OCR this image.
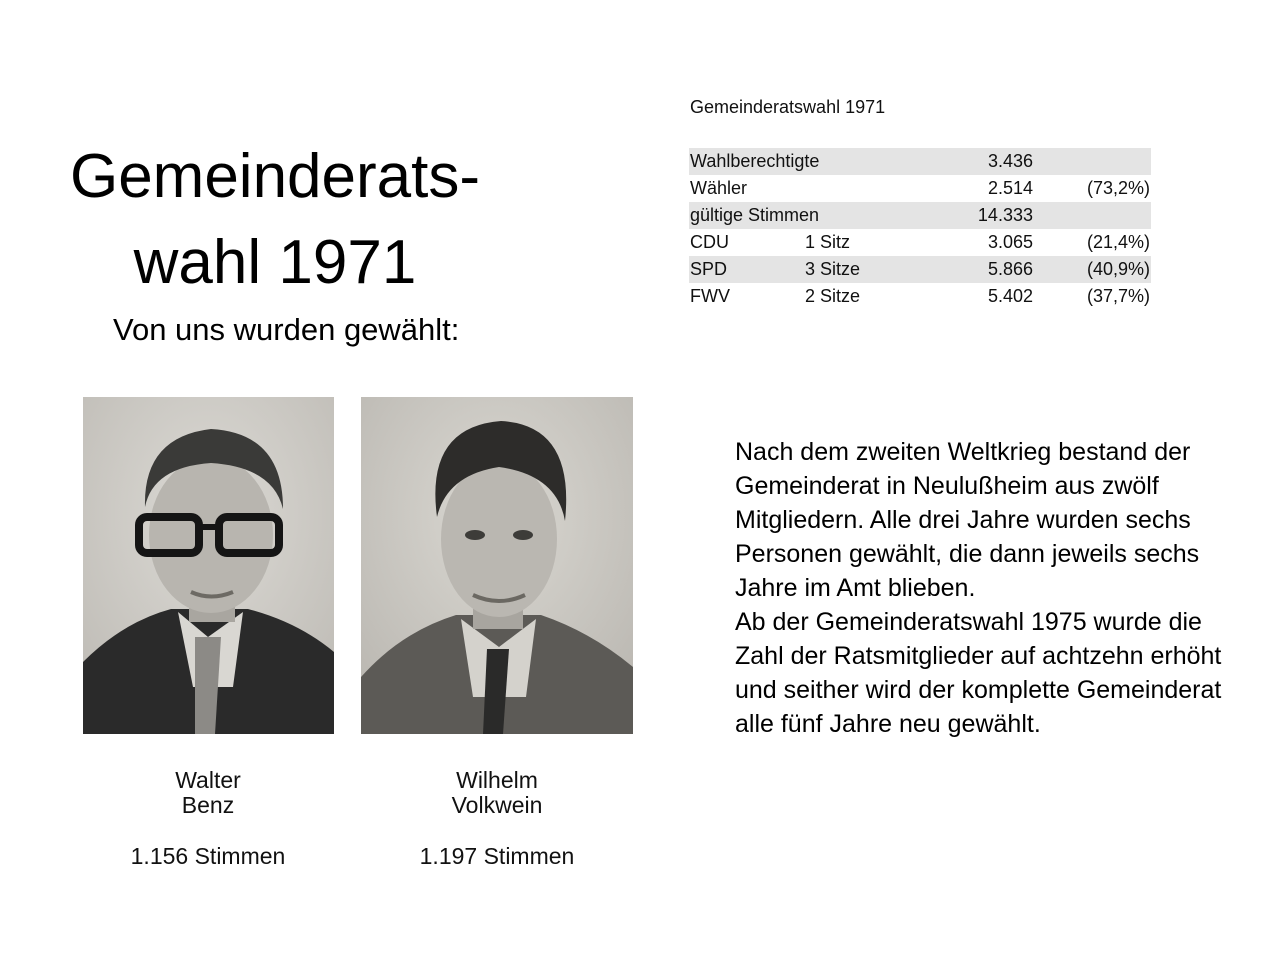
Gemeinderats-
wahl 1971
Von uns wurden gewählt:
Gemeinderatswahl 1971
Wahlberechtigte		3.436	
Wähler		2.514	(73,2%)
gültige Stimmen		14.333	
CDU	1 Sitz	3.065	(21,4%)
SPD	3 Sitze	5.866	(40,9%)
FWV	2 Sitze	5.402	(37,7%)
Walter
Benz
1.156 Stimmen
Wilhelm
Volkwein
1.197 Stimmen

Nach dem zweiten Weltkrieg bestand der Gemeinderat in Neulußheim aus zwölf Mitgliedern. Alle drei Jahre wurden sechs Personen gewählt, die dann jeweils sechs Jahre im Amt blieben.

Ab der Gemeinderatswahl 1975 wurde die Zahl der Ratsmitglieder auf achtzehn erhöht und seither wird der komplette Gemeinderat alle fünf Jahre neu gewählt.
